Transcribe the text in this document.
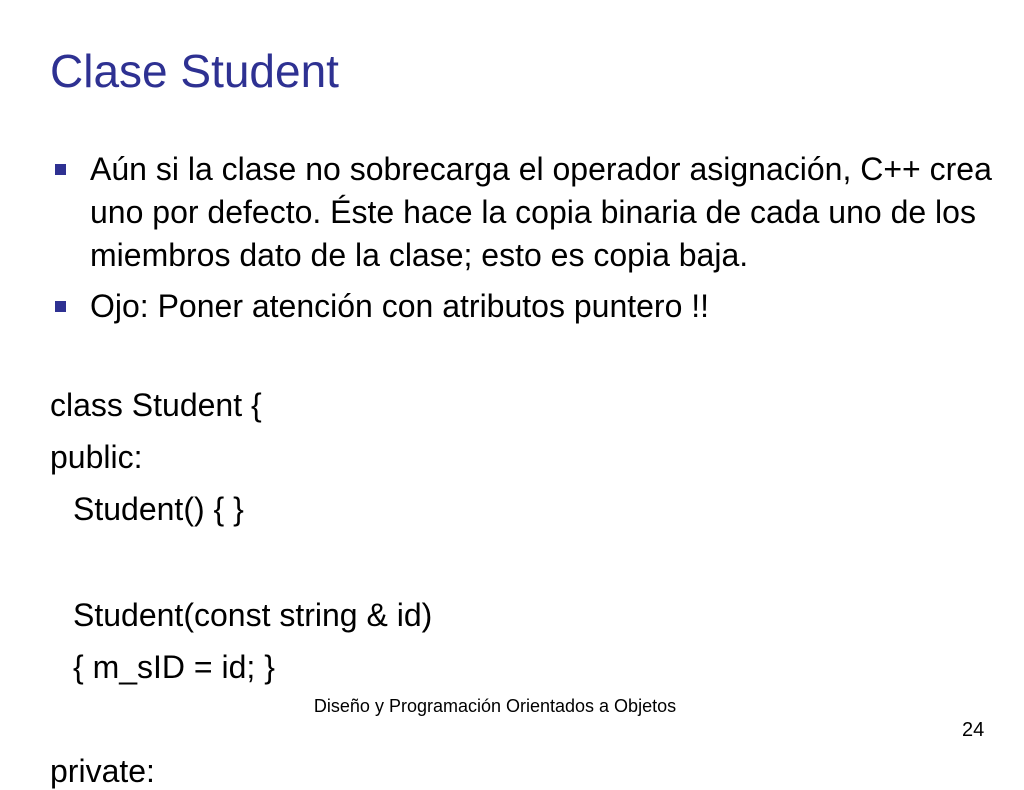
Clase Student
Aún si la clase no sobrecarga el operador asignación, C++ crea uno por defecto. Éste hace la copia binaria de cada uno de los miembros dato de la clase; esto es copia baja.
Ojo: Poner atención con atributos puntero !!
class Student {
public:
Student() { }
Student(const string & id)
{ m_sID = id; }
private:
Diseño y Programación Orientados a Objetos
24
